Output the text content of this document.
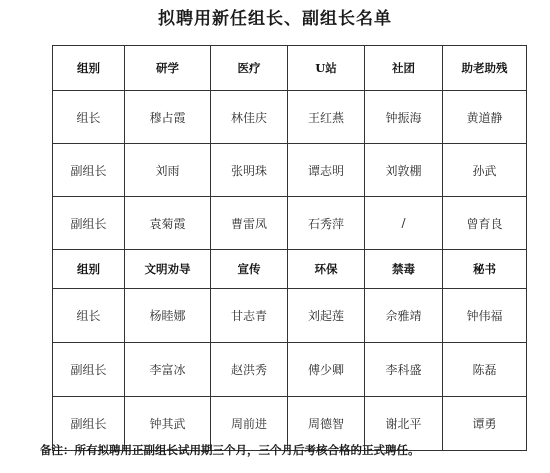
拟聘用新任组长、副组长名单
组别	研学	医疗	U站	社团	助老助残
组长	穆占霞	林佳庆	王红燕	钟振海	黄道静
副组长	刘雨	张明珠	谭志明	刘敦棚	孙武
副组长	袁菊霞	曹雷凤	石秀萍	/	曾育良
组别	文明劝导	宣传	环保	禁毒	秘书
组长	杨睦娜	甘志青	刘起莲	佘雅靖	钟伟福
副组长	李富冰	赵洪秀	傅少卿	李科盛	陈磊
副组长	钟其武	周前进	周德智	谢北平	谭勇
备注：所有拟聘用正副组长试用期三个月，三个月后考核合格的正式聘任。
